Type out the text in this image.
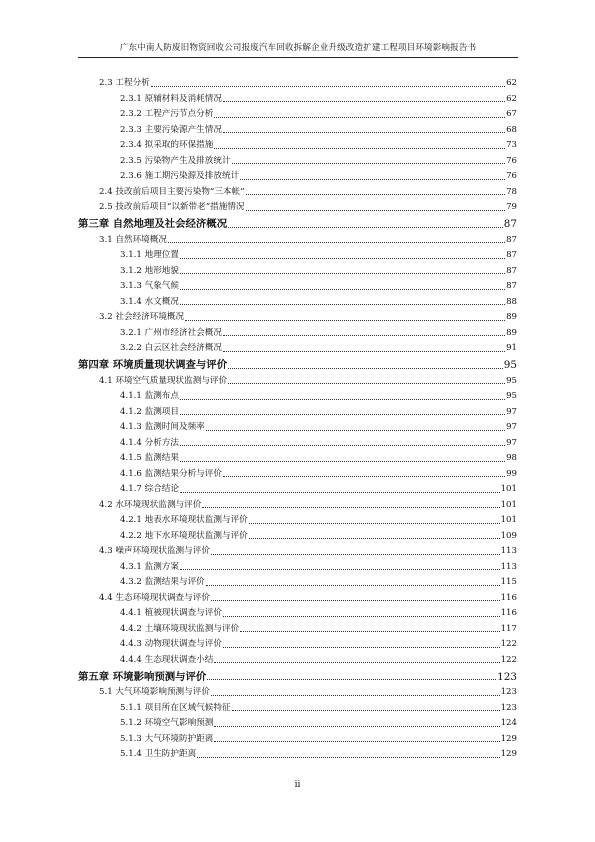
广东中南人防废旧物资回收公司报废汽车回收拆解企业升级改造扩建工程项目环境影响报告书
2.3 工程分析	62
2.3.1 原辅材料及消耗情况	62
2.3.2 工程产污节点分析	67
2.3.3 主要污染源产生情况	68
2.3.4 拟采取的环保措施	73
2.3.5 污染物产生及排放统计	76
2.3.6 施工期污染源及排放统计	76
2.4 技改前后项目主要污染物“三本帐”	78
2.5 技改前后项目“以新带老”措施情况	79
第三章 自然地理及社会经济概况	87
3.1 自然环境概况	87
3.1.1 地理位置	87
3.1.2 地形地貌	87
3.1.3 气象气候	87
3.1.4 水文概况	88
3.2 社会经济环境概况	89
3.2.1 广州市经济社会概况	89
3.2.2 白云区社会经济概况	91
第四章 环境质量现状调查与评价	95
4.1 环境空气质量现状监测与评价	95
4.1.1 监测布点	95
4.1.2 监测项目	97
4.1.3 监测时间及频率	97
4.1.4 分析方法	97
4.1.5 监测结果	98
4.1.6 监测结果分析与评价	99
4.1.7 综合结论	101
4.2 水环境现状监测与评价	101
4.2.1 地表水环境现状监测与评价	101
4.2.2 地下水环境现状监测与评价	109
4.3 噪声环境现状监测与评价	113
4.3.1 监测方案	113
4.3.2 监测结果与评价	115
4.4 生态环境现状调查与评价	116
4.4.1 植被现状调查与评价	116
4.4.2 土壤环境现状监测与评价	117
4.4.3 动物现状调查与评价	122
4.4.4 生态现状调查小结	122
第五章 环境影响预测与评价	123
5.1 大气环境影响预测与评价	123
5.1.1 项目所在区域气候特征	123
5.1.2 环境空气影响预测	124
5.1.3 大气环境防护距离	129
5.1.4 卫生防护距离	129
ii
